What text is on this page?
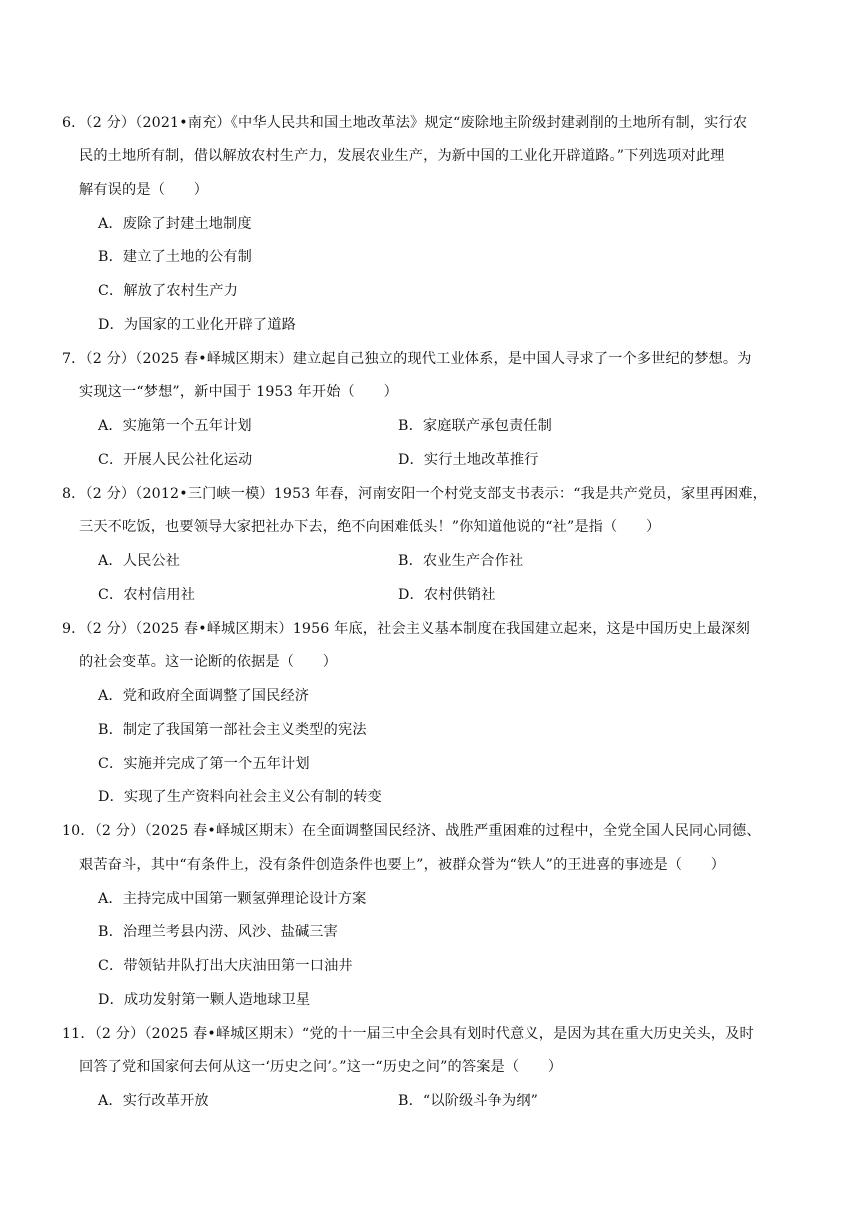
6．（2 分）（2021•南充）《中华人民共和国土地改革法》规定“废除地主阶级封建剥削的土地所有制，实行农
民的土地所有制，借以解放农村生产力，发展农业生产，为新中国的工业化开辟道路。”下列选项对此理
解有误的是（　　）
A．废除了封建土地制度
B．建立了土地的公有制
C．解放了农村生产力
D．为国家的工业化开辟了道路
7．（2 分）（2025 春•峄城区期末）建立起自己独立的现代工业体系，是中国人寻求了一个多世纪的梦想。为
实现这一“梦想”，新中国于 1953 年开始（　　）
A．实施第一个五年计划	B．家庭联产承包责任制
C．开展人民公社化运动	D．实行土地改革推行
8．（2 分）（2012•三门峡一模）1953 年春，河南安阳一个村党支部支书表示：“我是共产党员，家里再困难，
三天不吃饭，也要领导大家把社办下去，绝不向困难低头！”你知道他说的“社”是指（　　）
A．人民公社	B．农业生产合作社
C．农村信用社	D．农村供销社
9．（2 分）（2025 春•峄城区期末）1956 年底，社会主义基本制度在我国建立起来，这是中国历史上最深刻
的社会变革。这一论断的依据是（　　）
A．党和政府全面调整了国民经济
B．制定了我国第一部社会主义类型的宪法
C．实施并完成了第一个五年计划
D．实现了生产资料向社会主义公有制的转变
10．（2 分）（2025 春•峄城区期末）在全面调整国民经济、战胜严重困难的过程中，全党全国人民同心同德、
艰苦奋斗，其中“有条件上，没有条件创造条件也要上”，被群众誉为“铁人”的王进喜的事迹是（　　）
A．主持完成中国第一颗氢弹理论设计方案
B．治理兰考县内涝、风沙、盐碱三害
C．带领钻井队打出大庆油田第一口油井
D．成功发射第一颗人造地球卫星
11．（2 分）（2025 春•峄城区期末）“党的十一届三中全会具有划时代意义，是因为其在重大历史关头，及时
回答了党和国家何去何从这一‘历史之问’。”这一“历史之问”的答案是（　　）
A．实行改革开放	B．“以阶级斗争为纲”
